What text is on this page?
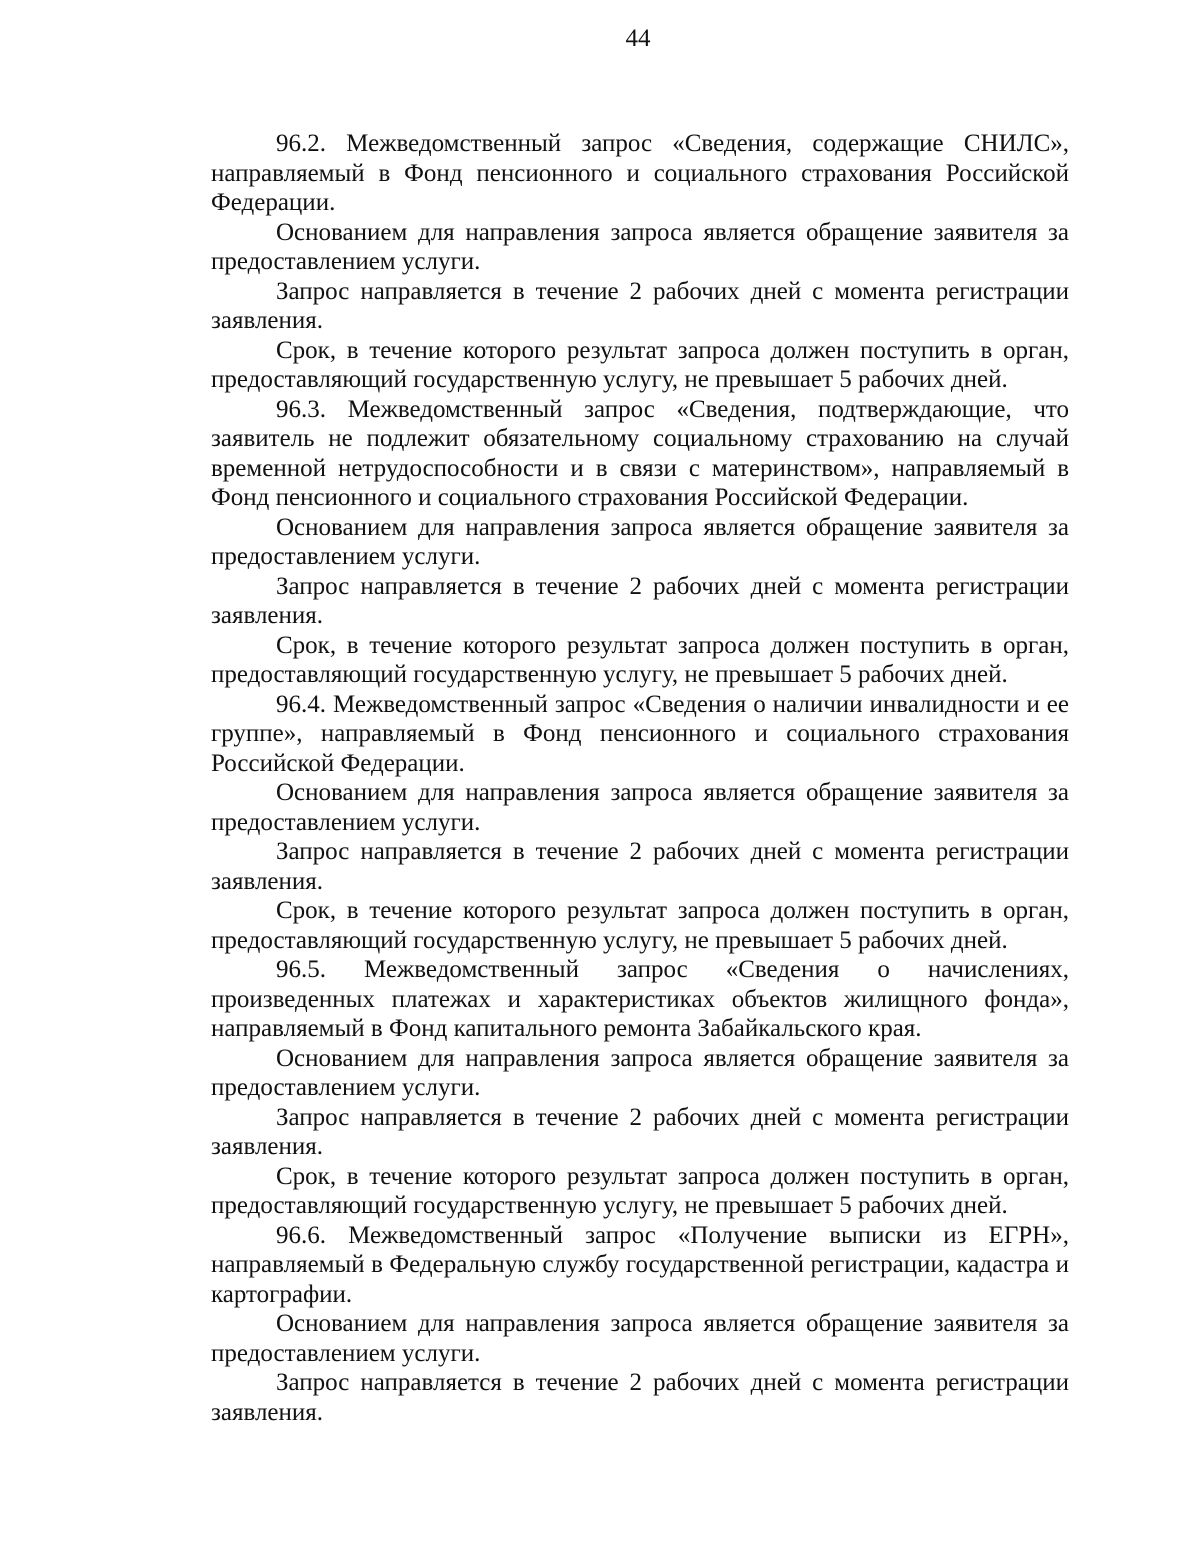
44

96.2. Межведомственный запрос «Сведения, содержащие СНИЛС», направляемый в Фонд пенсионного и социального страхования Российской Федерации.

Основанием для направления запроса является обращение заявителя за предоставлением услуги.

Запрос направляется в течение 2 рабочих дней с момента регистрации заявления.

Срок, в течение которого результат запроса должен поступить в орган, предоставляющий государственную услугу, не превышает 5 рабочих дней.

96.3. Межведомственный запрос «Сведения, подтверждающие, что заявитель не подлежит обязательному социальному страхованию на случай временной нетрудоспособности и в связи с материнством», направляемый в Фонд пенсионного и социального страхования Российской Федерации.

Основанием для направления запроса является обращение заявителя за предоставлением услуги.

Запрос направляется в течение 2 рабочих дней с момента регистрации заявления.

Срок, в течение которого результат запроса должен поступить в орган, предоставляющий государственную услугу, не превышает 5 рабочих дней.

96.4. Межведомственный запрос «Сведения о наличии инвалидности и ее группе», направляемый в Фонд пенсионного и социального страхования Российской Федерации.

Основанием для направления запроса является обращение заявителя за предоставлением услуги.

Запрос направляется в течение 2 рабочих дней с момента регистрации заявления.

Срок, в течение которого результат запроса должен поступить в орган, предоставляющий государственную услугу, не превышает 5 рабочих дней.

96.5. Межведомственный запрос «Сведения о начислениях, произведенных платежах и характеристиках объектов жилищного фонда», направляемый в Фонд капитального ремонта Забайкальского края.

Основанием для направления запроса является обращение заявителя за предоставлением услуги.

Запрос направляется в течение 2 рабочих дней с момента регистрации заявления.

Срок, в течение которого результат запроса должен поступить в орган, предоставляющий государственную услугу, не превышает 5 рабочих дней.

96.6. Межведомственный запрос «Получение выписки из ЕГРН», направляемый в Федеральную службу государственной регистрации, кадастра и картографии.

Основанием для направления запроса является обращение заявителя за предоставлением услуги.

Запрос направляется в течение 2 рабочих дней с момента регистрации заявления.
